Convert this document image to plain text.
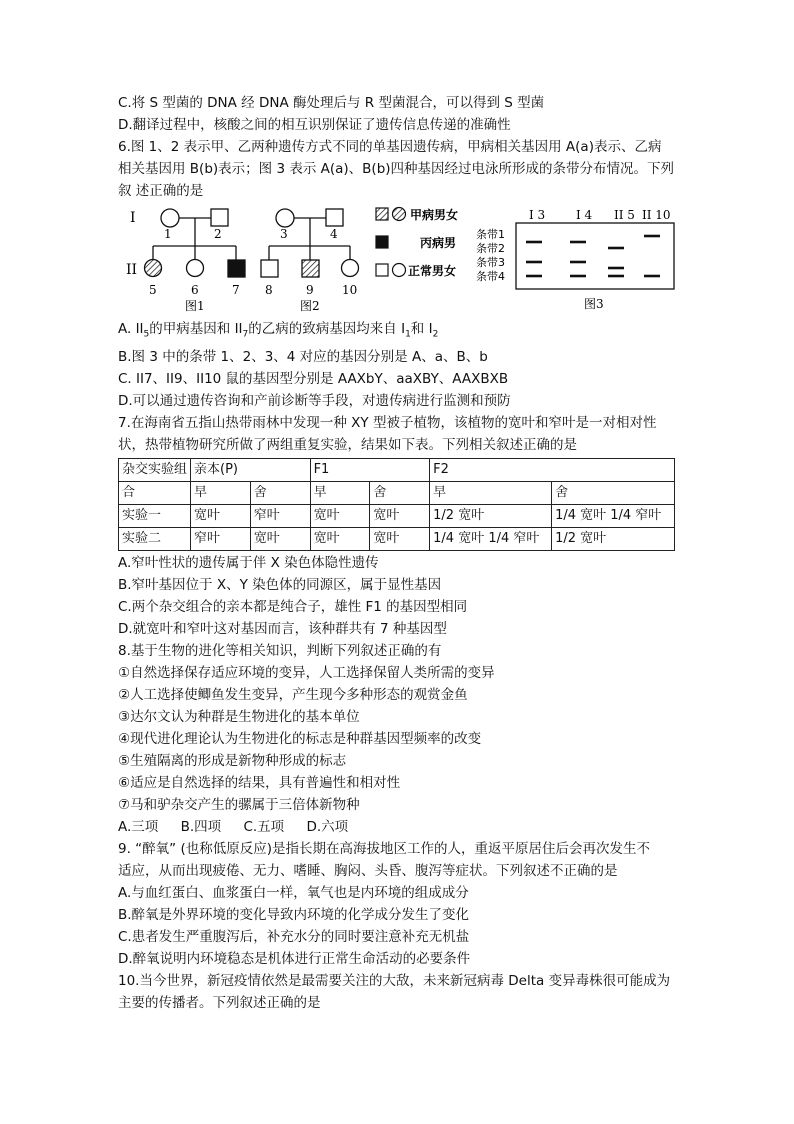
C.将 S 型菌的 DNA 经 DNA 酶处理后与 R 型菌混合，可以得到 S 型菌
D.翻译过程中，核酸之间的相互识别保证了遗传信息传递的准确性
6.图 1、2 表示甲、乙两种遗传方式不同的单基因遗传病，甲病相关基因用 A(a)表示、乙病
相关基因用 B(b)表示；图 3 表示 A(a)、B(b)四种基因经过电泳所形成的条带分布情况。下列
叙 述正确的是
I
II
1	2
5	6	7
图1
3	4
8	9 10
图2
甲病男女
丙病男
正常男女
I 3	I 4 II 5 II 10
条带1
条带2
条带3
条带4
图3
A. $II_5$的甲病基因和 $II_7$的乙病的致病基因均来自 $I_1$和 $I_2$
B.图 3 中的条带 1、2、3、4 对应的基因分别是 A、a、B、b
C. II7、II9、II10 鼠的基因型分别是 AAXbY、aaXBY、AAXBXB
D.可以通过遗传咨询和产前诊断等手段，对遗传病进行监测和预防
7.在海南省五指山热带雨林中发现一种 XY 型被子植物，该植物的宽叶和窄叶是一对相对性
状，热带植物研究所做了两组重复实验，结果如下表。下列相关叙述正确的是
杂交实验组	亲本(P)		F1		F2	
合	早	舍	早	舍	早	舍
实验一	宽叶	窄叶	宽叶	宽叶	1/2 宽叶	1/4 宽叶 1/4 窄叶
实验二	窄叶	宽叶	宽叶	宽叶	1/4 宽叶 1/4 窄叶	1/2 宽叶
A.窄叶性状的遗传属于伴 X 染色体隐性遗传
B.窄叶基因位于 X、Y 染色体的同源区，属于显性基因
C.两个杂交组合的亲本都是纯合子，雄性 F1 的基因型相同
D.就宽叶和窄叶这对基因而言，该种群共有 7 种基因型
8.基于生物的进化等相关知识，判断下列叙述正确的有
①自然选择保存适应环境的变异，人工选择保留人类所需的变异
②人工选择使鲫鱼发生变异，产生现今多种形态的观赏金鱼
③达尔文认为种群是生物进化的基本单位
④现代进化理论认为生物进化的标志是种群基因型频率的改变
⑤生殖隔离的形成是新物种形成的标志
⑥适应是自然选择的结果，具有普遍性和相对性
⑦马和驴杂交产生的骡属于三倍体新物种
A.三项 B.四项 C.五项 D.六项
9. “醉氧” (也称低原反应)是指长期在高海拔地区工作的人，重返平原居住后会再次发生不
适应，从而出现疲倦、无力、嗜睡、胸闷、头昏、腹泻等症状。下列叙述不正确的是
A.与血红蛋白、血浆蛋白一样，氧气也是内环境的组成成分
B.醉氧是外界环境的变化导致内环境的化学成分发生了变化
C.患者发生严重腹泻后，补充水分的同时要注意补充无机盐
D.醉氧说明内环境稳态是机体进行正常生命活动的必要条件
10.当今世界，新冠疫情依然是最需要关注的大敌，未来新冠病毒 Delta 变异毒株很可能成为
主要的传播者。下列叙述正确的是
